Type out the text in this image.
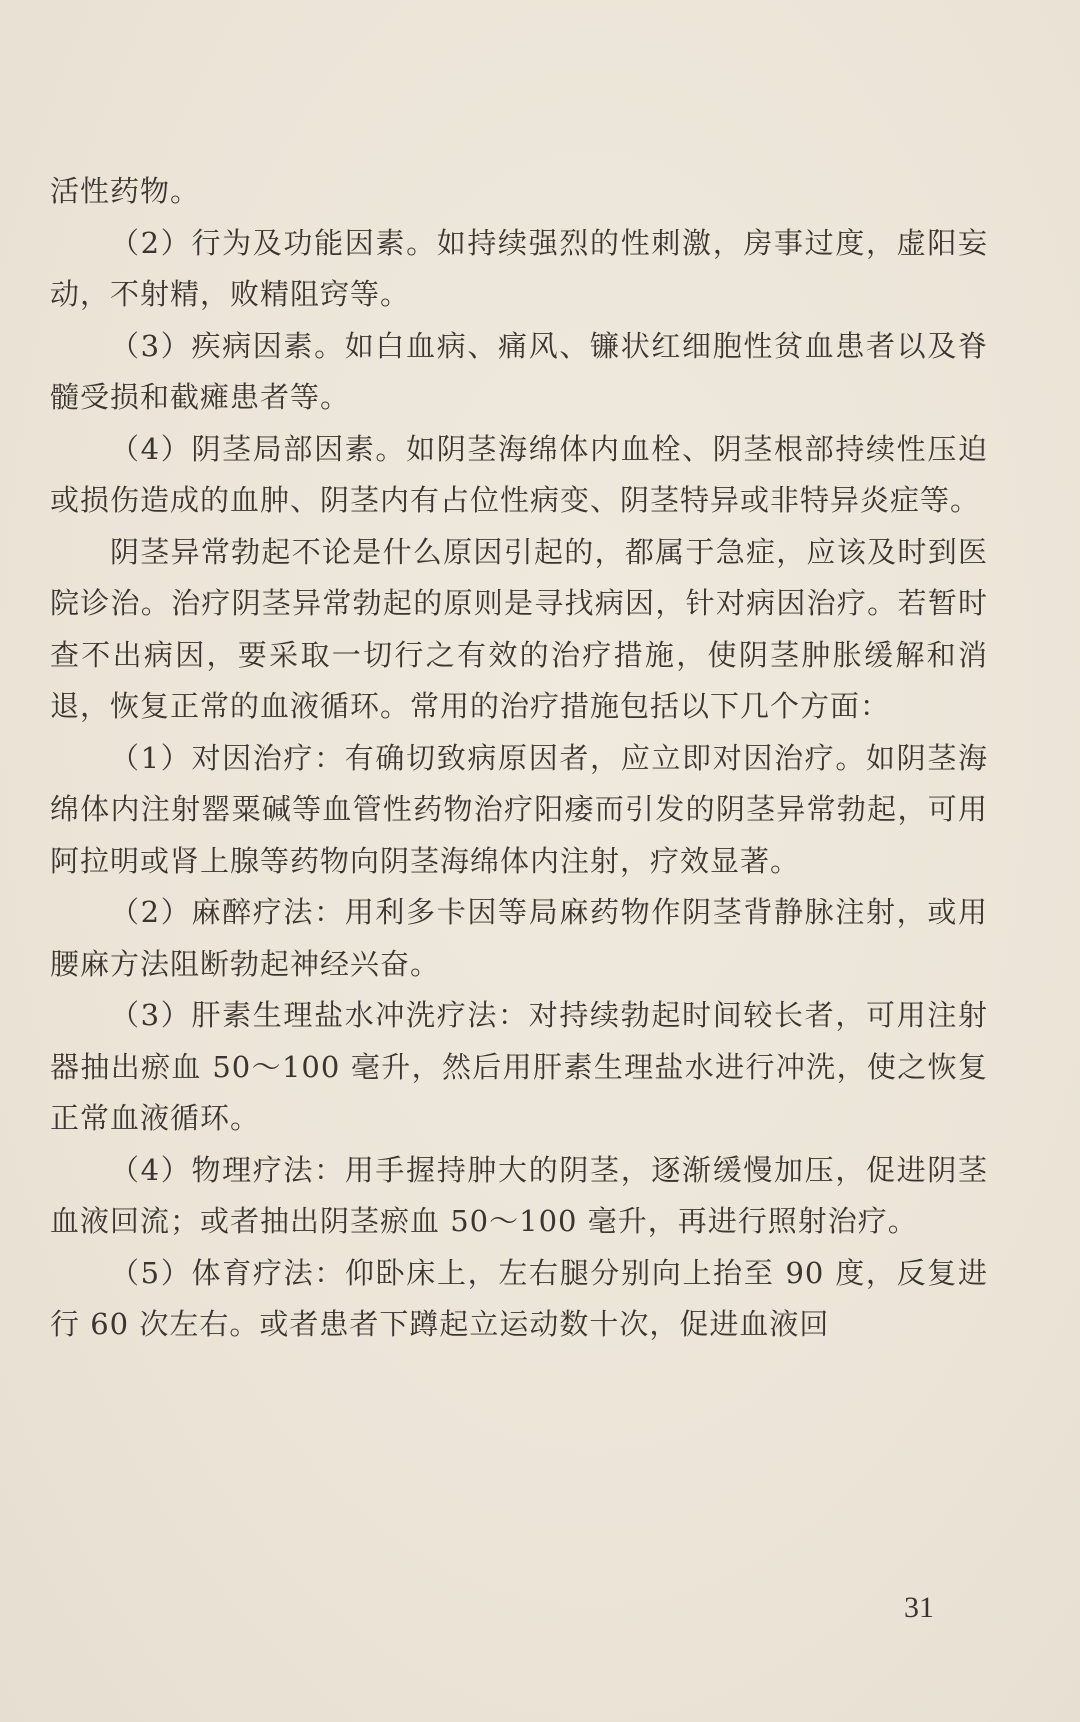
活性药物。

（2）行为及功能因素。如持续强烈的性刺激，房事过度，虚阳妄动，不射精，败精阻窍等。

（3）疾病因素。如白血病、痛风、镰状红细胞性贫血患者以及脊髓受损和截瘫患者等。

（4）阴茎局部因素。如阴茎海绵体内血栓、阴茎根部持续性压迫或损伤造成的血肿、阴茎内有占位性病变、阴茎特异或非特异炎症等。

阴茎异常勃起不论是什么原因引起的，都属于急症，应该及时到医院诊治。治疗阴茎异常勃起的原则是寻找病因，针对病因治疗。若暂时查不出病因，要采取一切行之有效的治疗措施，使阴茎肿胀缓解和消退，恢复正常的血液循环。常用的治疗措施包括以下几个方面：

（1）对因治疗：有确切致病原因者，应立即对因治疗。如阴茎海绵体内注射罂粟碱等血管性药物治疗阳痿而引发的阴茎异常勃起，可用阿拉明或肾上腺等药物向阴茎海绵体内注射，疗效显著。

（2）麻醉疗法：用利多卡因等局麻药物作阴茎背静脉注射，或用腰麻方法阻断勃起神经兴奋。

（3）肝素生理盐水冲洗疗法：对持续勃起时间较长者，可用注射器抽出瘀血 50～100 毫升，然后用肝素生理盐水进行冲洗，使之恢复正常血液循环。

（4）物理疗法：用手握持肿大的阴茎，逐渐缓慢加压，促进阴茎血液回流；或者抽出阴茎瘀血 50～100 毫升，再进行照射治疗。

（5）体育疗法：仰卧床上，左右腿分别向上抬至 90 度，反复进行 60 次左右。或者患者下蹲起立运动数十次，促进血液回

31
